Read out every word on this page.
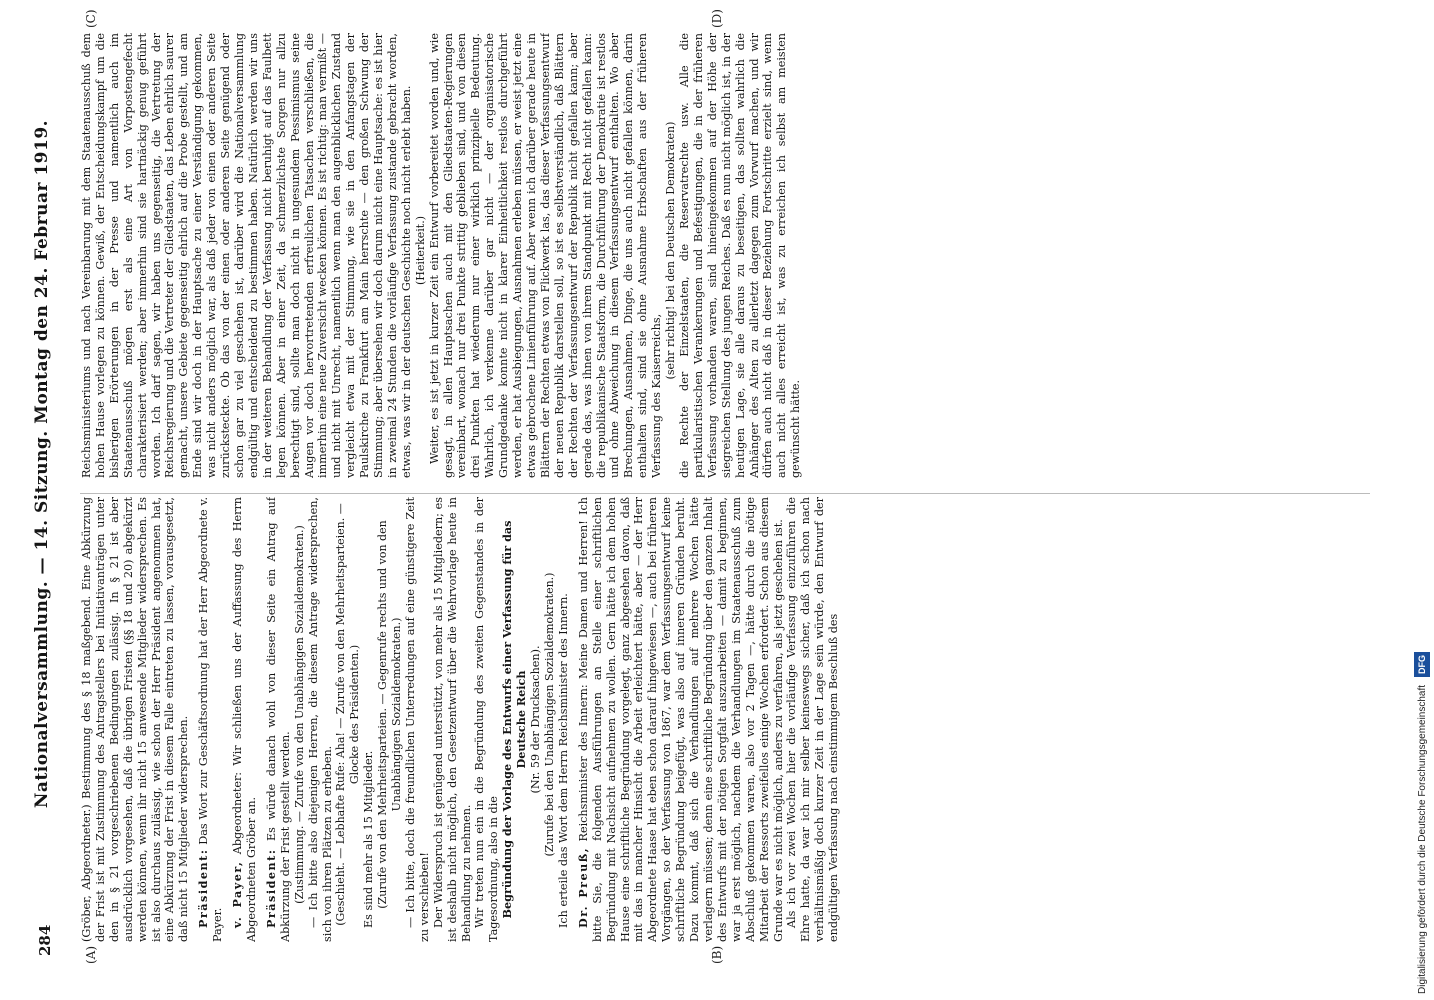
284
Nationalversammlung. — 14. Sitzung. Montag den 24. Februar 1919.
(A)	(B)
(C)	(D)

(Gröber, Abgeordneter.) Bestimmung des § 18 maßgebend. Eine Abkürzung der Frist ist mit Zustimmung des Antragstellers bei Initiativanträgen unter den in § 21 vorgeschriebenen Bedingungen zulässig. In § 21 ist aber ausdrücklich vorgesehen, daß die übrigen Fristen (§§ 18 und 20) abgekürzt werden können, wenn ihr nicht 15 anwesende Mitglieder widersprechen. Es ist also durchaus zulässig, wie schon der Herr Präsident angenommen hat, eine Abkürzung der Frist in diesem Falle eintreten zu lassen, vorausgesetzt, daß nicht 15 Mitglieder widersprechen. Präsident: Das Wort zur Geschäftsordnung hat der Herr Abgeordnete v. Payer. v. Payer, Abgeordneter: Wir schließen uns der Auffassung des Herrn Abgeordneten Gröber an. Präsident: Es würde danach wohl von dieser Seite ein Antrag auf Abkürzung der Frist gestellt werden. (Zustimmung. — Zurufe von den Unabhängigen Sozialdemokraten.) — Ich bitte also diejenigen Herren, die diesem Antrage widersprechen, sich von ihren Plätzen zu erheben. (Geschieht. — Lebhafte Rufe: Aha! — Zurufe von den Mehrheitsparteien. — Glocke des Präsidenten.)

Es sind mehr als 15 Mitglieder. (Zurufe von den Mehrheitsparteien. — Gegenrufe rechts und von den Unabhängigen Sozialdemokraten.) — Ich bitte, doch die freundlichen Unterredungen auf eine günstigere Zeit zu verschieben! Der Widerspruch ist genügend unterstützt, von mehr als 15 Mitgliedern; es ist deshalb nicht möglich, den Gesetzentwurf über die Wehrvorlage heute in Behandlung zu nehmen. Wir treten nun ein in die Begründung des zweiten Gegenstandes in der Tagesordnung, also in die Begründung der Vorlage des Entwurfs einer Verfassung für das Deutsche Reich (Nr. 59 der Drucksachen). (Zurufe bei den Unabhängigen Sozialdemokraten.) Ich erteile das Wort dem Herrn Reichsminister des Innern. Dr. Preuß, Reichsminister des Innern: Meine Damen und Herren! Ich bitte Sie, die folgenden Ausführungen an Stelle einer schriftlichen Begründung mit Nachsicht aufnehmen zu wollen. Gern hätte ich dem hohen Hause eine schriftliche Begründung vorgelegt, ganz abgesehen davon, daß mit das in mancher Hinsicht die Arbeit erleichtert hätte, aber — der Herr Abgeordnete Haase hat eben schon darauf hingewiesen —, auch bei früheren Vorgängen, so der Verfassung von 1867, war dem Verfassungsentwurf keine schriftliche Begründung beigefügt, was also auf inneren Gründen beruht. Dazu kommt, daß sich die Verhandlungen auf mehrere Wochen hätte verlagern müssen; denn eine schriftliche Begründung über den ganzen Inhalt des Entwurfs mit der nötigen Sorgfalt auszuarbeiten — damit zu beginnen, war ja erst möglich, nachdem die Verhandlungen im Staatenausschuß zum Abschluß gekommen waren, also vor 2 Tagen —, hätte durch die nötige Mitarbeit der Ressorts zweifellos einige Wochen erfordert. Schon aus diesem Grunde war es nicht möglich, anders zu verfahren, als jetzt geschehen ist. Als ich vor zwei Wochen hier die vorläufige Verfassung einzuführen die Ehre hatte, da war ich mir selber keineswegs sicher, daß ich schon nach verhältnismäßig doch kurzer Zeit in der Lage sein würde, den Entwurf der endgültigen Verfassung nach einstimmigem Beschluß des

Reichsministeriums und nach Vereinbarung mit dem Staatenausschuß dem hohen Hause vorlegen zu können. Gewiß, der Entscheidungskampf um die bisherigen Erörterungen in der Presse und namentlich auch im Staatenausschuß mögen erst als eine Art von Vorpostengefecht charakterisiert werden; aber immerhin sind sie hartnäckig genug geführt worden. Ich darf sagen, wir haben uns gegenseitig, die Vertretung der Reichsregierung und die Vertreter der Gliedstaaten, das Leben ehrlich saurer gemacht, unsere Gebiete gegenseitig ehrlich auf die Probe gestellt, und am Ende sind wir doch in der Hauptsache zu einer Verständigung gekommen, was nicht anders möglich war, als daß jeder von einen oder anderen Seite zurücksteckte. Ob das von der einen oder anderen Seite genügend oder schon gar zu viel geschehen ist, darüber wird die Nationalversammlung endgültig und entscheidend zu bestimmen haben. Natürlich werden wir uns in der weiteren Behandlung der Verfassung nicht beruhigt auf das Faulbett legen können. Aber in einer Zeit, da schmerzlichste Sorgen nur allzu berechtigt sind, sollte man doch nicht in ungesundem Pessimismus seine Augen vor doch hervortretenden erfreulichen Tatsachen verschließen, die immerhin eine neue Zuversicht wecken können. Es ist richtig: man vermißt — und nicht mit Unrecht, namentlich wenn man den augenblicklichen Zustand vergleicht etwa mit der Stimmung, wie sie in den Anfangstagen der Paulskirche zu Frankfurt am Main herrschte — den großen Schwung der Stimmung; aber übersehen wir doch darum nicht eine Hauptsache: es ist hier in zweimal 24 Stunden die vorläufige Verfassung zustande gebracht worden, etwas, was wir in der deutschen Geschichte noch nicht erlebt haben. (Heiterkeit.) Weiter, es ist jetzt in kurzer Zeit ein Entwurf vorbereitet worden und, wie gesagt, in allen Hauptsachen auch mit den Gliedstaaten-Regierungen vereinbart, wonach nur drei Punkte strittig geblieben sind, und von diesen drei Punkten hat wiederum nur einer wirklich prinzipielle Bedeutung. Wahrlich, ich verkenne darüber gar nicht — der organisatorische Grundgedanke konnte nicht in klarer Einheitlichkeit restlos durchgeführt werden, er hat Ausbiegungen, Ausnahmen erleben müssen, er weist jetzt eine etwas gebrochene Linienführung auf. Aber wenn ich darüber gerade heute in Blättern der Rechten etwas von Flickwerk las, das dieser Verfassungsentwurf der neuen Republik darstellen soll, so ist es selbstverständlich, daß Blättern der Rechten der Verfassungsentwurf der Republik nicht gefallen kann; aber gerade das, was ihnen von ihrem Standpunkt mit Recht nicht gefallen kann: die republikanische Staatsform, die Durchführung der Demokratie ist restlos und ohne Abweichung in diesem Verfassungsentwurf enthalten. Wo aber Brechungen, Ausnahmen, Dinge, die uns auch nicht gefallen können, darin enthalten sind, sind sie ohne Ausnahme Erbschaften aus der früheren Verfassung des Kaiserreichs,

(sehr richtig! bei den Deutschen Demokraten) die Rechte der Einzelstaaten, die Reservatrechte usw. Alle die partikularistischen Verankerungen und Befestigungen, die in der früheren Verfassung vorhanden waren, sind hineingekommen auf der Höhe der siegreichen Stellung des jungen Reiches. Daß es nun nicht möglich ist, in der heutigen Lage, sie alle daraus zu beseitigen, das sollten wahrlich die Anhänger des Alten zu allerletzt dagegen zum Vorwurf machen, und wir dürfen auch nicht daß in dieser Beziehung Fortschritte erzielt sind, wenn auch nicht alles erreicht ist, was zu erreichen ich selbst am meisten gewünscht hätte.

Digitalisierung gefördert durch die Deutsche ForschungsgemeinschaftDFG
